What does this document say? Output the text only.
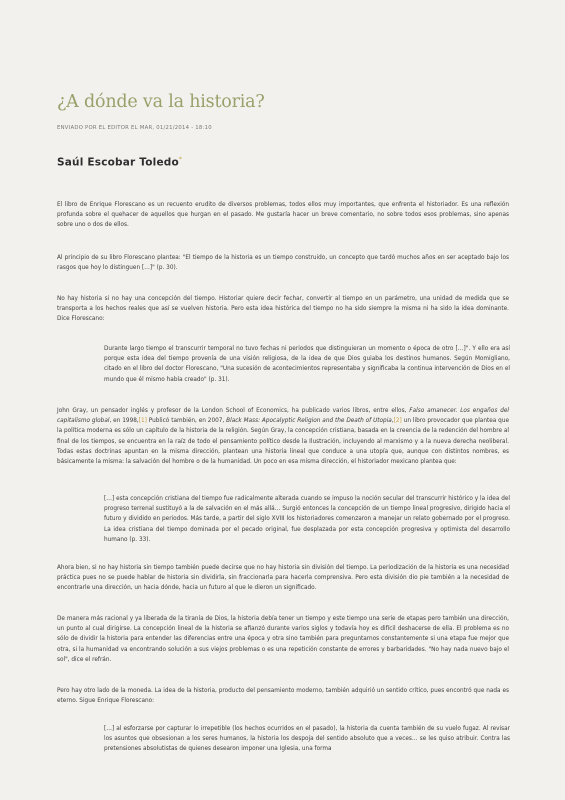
¿A dónde va la historia?
ENVIADO POR EL EDITOR EL MAR, 01/21/2014 - 18:10
Saúl Escobar Toledo*

El libro de Enrique Florescano es un recuento erudito de diversos problemas, todos ellos muy importantes, que enfrenta el historiador. Es una reflexión profunda sobre el quehacer de aquellos que hurgan en el pasado. Me gustaría hacer un breve comentario, no sobre todos esos problemas, sino apenas sobre uno o dos de ellos.

Al principio de su libro Florescano plantea: "El tiempo de la historia es un tiempo construido, un concepto que tardó muchos años en ser aceptado bajo los rasgos que hoy lo distinguen […]" (p. 30).

No hay historia si no hay una concepción del tiempo. Historiar quiere decir fechar, convertir al tiempo en un parámetro, una unidad de medida que se transporta a los hechos reales que así se vuelven historia. Pero esta idea histórica del tiempo no ha sido siempre la misma ni ha sido la idea dominante. Dice Florescano:

Durante largo tiempo el transcurrir temporal no tuvo fechas ni periodos que distinguieran un momento o época de otro […]". Y ello era así porque esta idea del tiempo provenía de una visión religiosa, de la idea de que Dios guiaba los destinos humanos. Según Momigliano, citado en el libro del doctor Florescano, "Una sucesión de acontecimientos representaba y significaba la continua intervención de Dios en el mundo que él mismo había creado" (p. 31).

John Gray, un pensador inglés y profesor de la London School of Economics, ha publicado varios libros, entre ellos, Falso amanecer. Los engaños del capitalismo global, en 1998,[1] Publicó también, en 2007, Black Mass: Apocalyptic Religion and the Death of Utopia,[2] un libro provocador que plantea que la política moderna es sólo un capítulo de la historia de la religión. Según Gray, la concepción cristiana, basada en la creencia de la redención del hombre al final de los tiempos, se encuentra en la raíz de todo el pensamiento político desde la Ilustración, incluyendo al marxismo y a la nueva derecha neoliberal. Todas estas doctrinas apuntan en la misma dirección, plantean una historia lineal que conduce a una utopía que, aunque con distintos nombres, es básicamente la misma: la salvación del hombre o de la humanidad. Un poco en esa misma dirección, el historiador mexicano plantea que:

[…] esta concepción cristiana del tiempo fue radicalmente alterada cuando se impuso la noción secular del transcurrir histórico y la idea del progreso terrenal sustituyó a la de salvación en el más allá… Surgió entonces la concepción de un tiempo lineal progresivo, dirigido hacia el futuro y dividido en periodos. Más tarde, a partir del siglo XVIII los historiadores comenzaron a manejar un relato gobernado por el progreso. La idea cristiana del tiempo dominada por el pecado original, fue desplazada por esta concepción progresiva y optimista del desarrollo humano (p. 33).

Ahora bien, si no hay historia sin tiempo también puede decirse que no hay historia sin división del tiempo. La periodización de la historia es una necesidad práctica pues no se puede hablar de historia sin dividirla, sin fraccionarla para hacerla comprensiva. Pero esta división dio pie también a la necesidad de encontrarle una dirección, un hacia dónde, hacia un futuro al que le dieron un significado.

De manera más racional y ya liberada de la tiranía de Dios, la historia debía tener un tiempo y este tiempo una serie de etapas pero también una dirección, un punto al cual dirigirse. La concepción lineal de la historia se afianzó durante varios siglos y todavía hoy es difícil deshacerse de ella. El problema es no sólo de dividir la historia para entender las diferencias entre una época y otra sino también para preguntarnos constantemente si una etapa fue mejor que otra, si la humanidad va encontrando solución a sus viejos problemas o es una repetición constante de errores y barbaridades. "No hay nada nuevo bajo el sol", dice el refrán.

Pero hay otro lado de la moneda. La idea de la historia, producto del pensamiento moderno, también adquirió un sentido crítico, pues encontró que nada es eterno. Sigue Enrique Florescano:

[…] al esforzarse por capturar lo irrepetible (los hechos ocurridos en el pasado), la historia da cuenta también de su vuelo fugaz. Al revisar los asuntos que obsesionan a los seres humanos, la historia los despoja del sentido absoluto que a veces… se les quiso atribuir. Contra las pretensiones absolutistas de quienes desearon imponer una Iglesia, una forma
